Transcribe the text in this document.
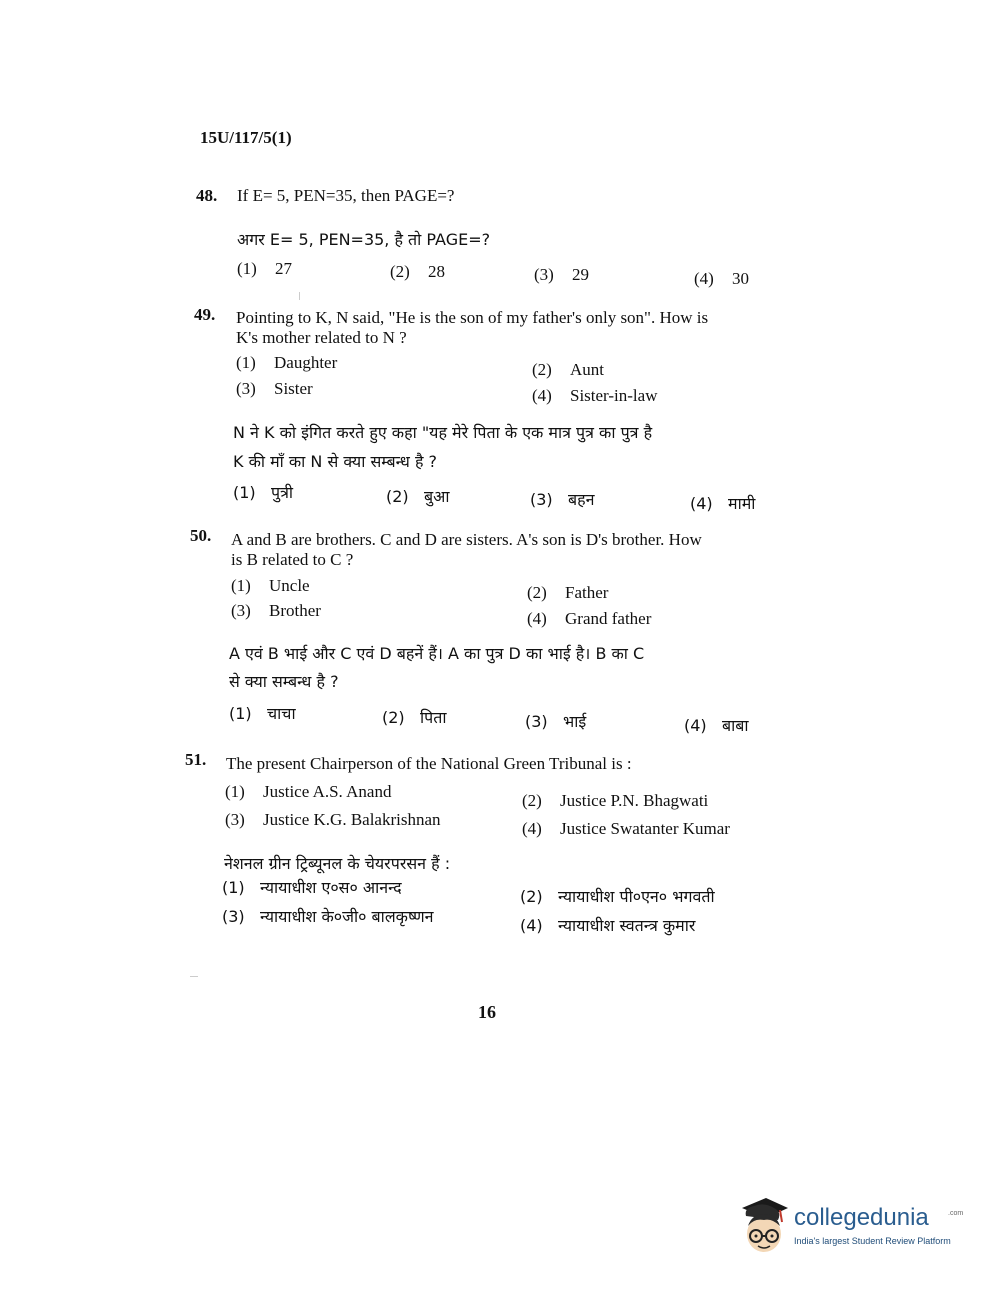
15U/117/5(1)
48. If E= 5, PEN=35, then PAGE=?
अगर E= 5, PEN=35, है तो PAGE=?
(1) 27	(2) 28	(3) 29	(4) 30
49. Pointing to K, N said, "He is the son of my father's only son". How is
K's mother related to N ?
(1) Daughter	(2) Aunt
(3) Sister	(4) Sister-in-law
N ने K को इंगित करते हुए कहा "यह मेरे पिता के एक मात्र पुत्र का पुत्र है
K की माँ का N से क्या सम्बन्ध है ?
(1) पुत्री	(2) बुआ	(3) बहन	(4) मामी
50. A and B are brothers. C and D are sisters. A's son is D's brother. How
is B related to C ?
(1) Uncle	(2) Father
(3) Brother	(4) Grand father
A एवं B भाई और C एवं D बहनें हैं। A का पुत्र D का भाई है। B का C
से क्या सम्बन्ध है ?
(1) चाचा	(2) पिता	(3) भाई	(4) बाबा
51. The present Chairperson of the National Green Tribunal is :
(1) Justice A.S. Anand	(2) Justice P.N. Bhagwati
(3) Justice K.G. Balakrishnan	(4) Justice Swatanter Kumar
नेशनल ग्रीन ट्रिब्यूनल के चेयरपरसन हैं :
(1) न्यायाधीश ए०स० आनन्द	(2) न्यायाधीश पी०एन० भगवती
(3) न्यायाधीश के०जी० बालकृष्णन	(4) न्यायाधीश स्वतन्त्र कुमार
16
collegedunia	.com
India's largest Student Review Platform
